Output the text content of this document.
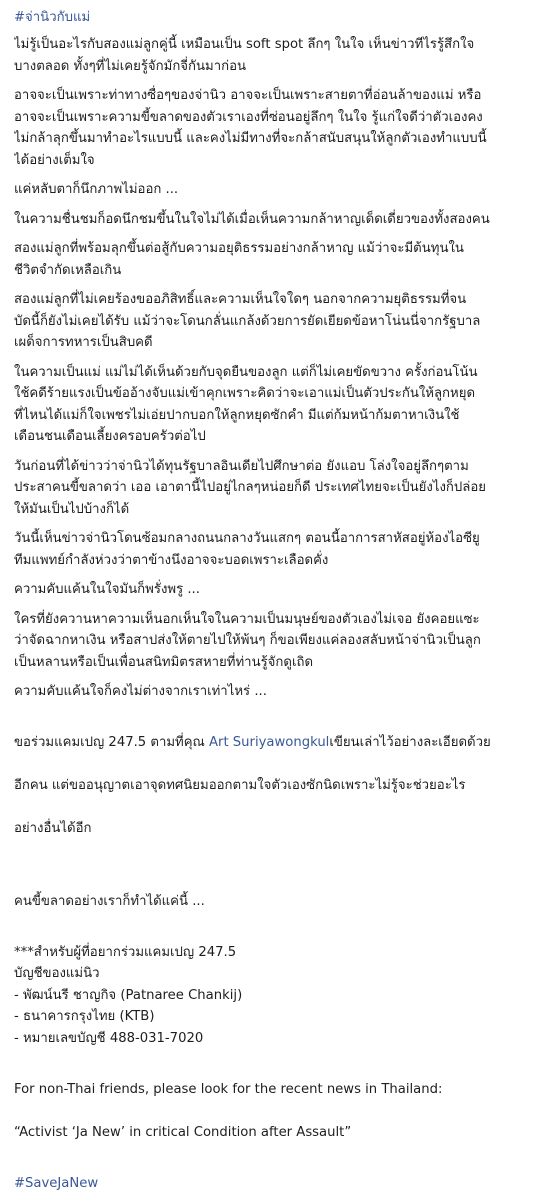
#จ่านิวกับแม่
ไม่รู้เป็นอะไรกับสองแม่ลูกคู่นี้ เหมือนเป็น soft spot ลึกๆ ในใจ เห็นข่าวทีไรรู้สึกใจ
บางตลอด ทั้งๆที่ไม่เคยรู้จักมักจี่กันมาก่อน
อาจจะเป็นเพราะท่าทางซื่อๆของจ่านิว อาจจะเป็นเพราะสายตาที่อ่อนล้าของแม่ หรือ
อาจจะเป็นเพราะความขี้ขลาดของตัวเราเองที่ซ่อนอยู่ลึกๆ ในใจ รู้แก่ใจดีว่าตัวเองคง
ไม่กล้าลุกขึ้นมาทำอะไรแบบนี้ และคงไม่มีทางที่จะกล้าสนับสนุนให้ลูกตัวเองทำแบบนี้
ได้อย่างเต็มใจ
แค่หลับตาก็นึกภาพไม่ออก ...
ในความชื่นชมก็อดนึกชมขึ้นในใจไม่ได้เมื่อเห็นความกล้าหาญเด็ดเดี่ยวของทั้งสองคน
สองแม่ลูกที่พร้อมลุกขึ้นต่อสู้กับความอยุติธรรมอย่างกล้าหาญ แม้ว่าจะมีต้นทุนใน
ชีวิตจำกัดเหลือเกิน
สองแม่ลูกที่ไม่เคยร้องขออภิสิทธิ์และความเห็นใจใดๆ นอกจากความยุติธรรมที่จน
บัดนี้ก็ยังไม่เคยได้รับ แม้ว่าจะโดนกลั่นแกล้งด้วยการยัดเยียดข้อหาโน่นนี่จากรัฐบาล
เผด็จการทหารเป็นสิบคดี
ในความเป็นแม่ แม่ไม่ได้เห็นด้วยกับจุดยืนของลูก แต่ก็ไม่เคยขัดขวาง ครั้งก่อนโน้น
ใช้คดีร้ายแรงเป็นข้ออ้างจับแม่เข้าคุกเพราะคิดว่าจะเอาแม่เป็นตัวประกันให้ลูกหยุด
ที่ไหนได้แม่ก็ใจเพชรไม่เอ่ยปากบอกให้ลูกหยุดซักคำ มีแต่ก้มหน้าก้มตาหาเงินใช้
เดือนชนเดือนเลี้ยงครอบครัวต่อไป
วันก่อนที่ได้ข่าวว่าจ่านิวได้ทุนรัฐบาลอินเดียไปศึกษาต่อ ยังแอบ โล่งใจอยู่ลึกๆตาม
ประสาคนขี้ขลาดว่า เออ เอาตานี้ไปอยู่ไกลๆหน่อยก็ดี ประเทศไทยจะเป็นยังไงก็ปล่อย
ให้มันเป็นไปบ้างก็ได้
วันนี้เห็นข่าวจ่านิวโดนซ้อมกลางถนนกลางวันแสกๆ ตอนนี้อาการสาหัสอยู่ห้องไอซียู
ทีมแพทย์กำลังห่วงว่าตาข้างนึงอาจจะบอดเพราะเลือดคั่ง
ความคับแค้นในใจมันก็พรั่งพรู ...
ใครที่ยังควานหาความเห็นอกเห็นใจในความเป็นมนุษย์ของตัวเองไม่เจอ ยังคอยแซะ
ว่าจัดฉากหาเงิน หรือสาปส่งให้ตายไปให้พ้นๆ ก็ขอเพียงแค่ลองสลับหน้าจ่านิวเป็นลูก
เป็นหลานหรือเป็นเพื่อนสนิทมิตรสหายที่ท่านรู้จักดูเถิด
ความคับแค้นใจก็คงไม่ต่างจากเราเท่าไหร่ ...

ขอร่วมแคมเปญ 247.5 ตามที่คุณ Art Suriyawongkulเขียนเล่าไว้อย่างละเอียดด้วย

อีกคน แต่ขออนุญาตเอาจุดทศนิยมออกตามใจตัวเองซักนิดเพราะไม่รู้จะช่วยอะไร

อย่างอื่นได้อีก

คนขี้ขลาดอย่างเราก็ทำได้แค่นี้ ...

***สำหรับผู้ที่อยากร่วมแคมเปญ 247.5
บัญชีของแม่นิว
- พัฒน์นรี ชาญกิจ (Patnaree Chankij)
- ธนาคารกรุงไทย (KTB)
- หมายเลขบัญชี 488-031-7020

For non-Thai friends, please look for the recent news in Thailand:

“Activist ‘Ja New’ in critical Condition after Assault”

#SaveJaNew
